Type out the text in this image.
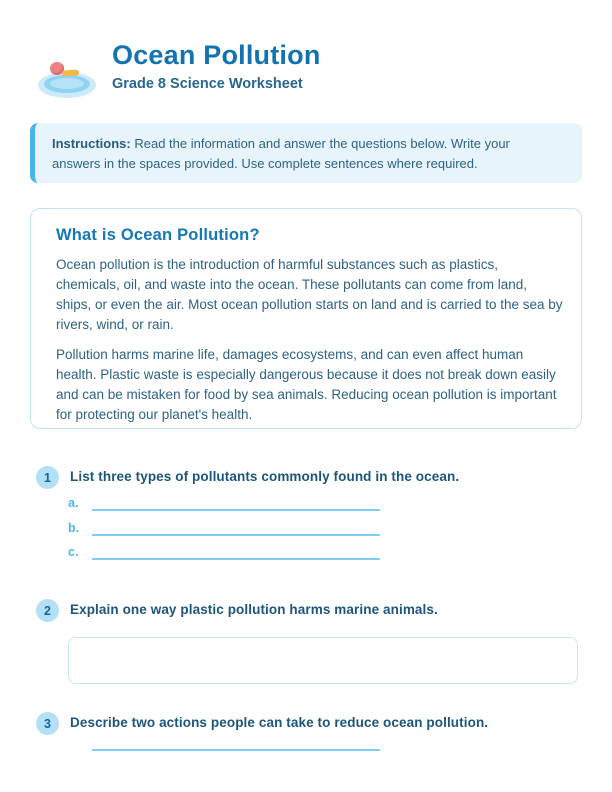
Ocean Pollution
Grade 8 Science Worksheet
Instructions: Read the information and answer the questions below. Write your answers in the spaces provided. Use complete sentences where required.
What is Ocean Pollution?
Ocean pollution is the introduction of harmful substances such as plastics, chemicals, oil, and waste into the ocean. These pollutants can come from land, ships, or even the air. Most ocean pollution starts on land and is carried to the sea by rivers, wind, or rain.
Pollution harms marine life, damages ecosystems, and can even affect human health. Plastic waste is especially dangerous because it does not break down easily and can be mistaken for food by sea animals. Reducing ocean pollution is important for protecting our planet's health.
1	List three types of pollutants commonly found in the ocean.
a.
b.
c.
2	Explain one way plastic pollution harms marine animals.
3	Describe two actions people can take to reduce ocean pollution.
